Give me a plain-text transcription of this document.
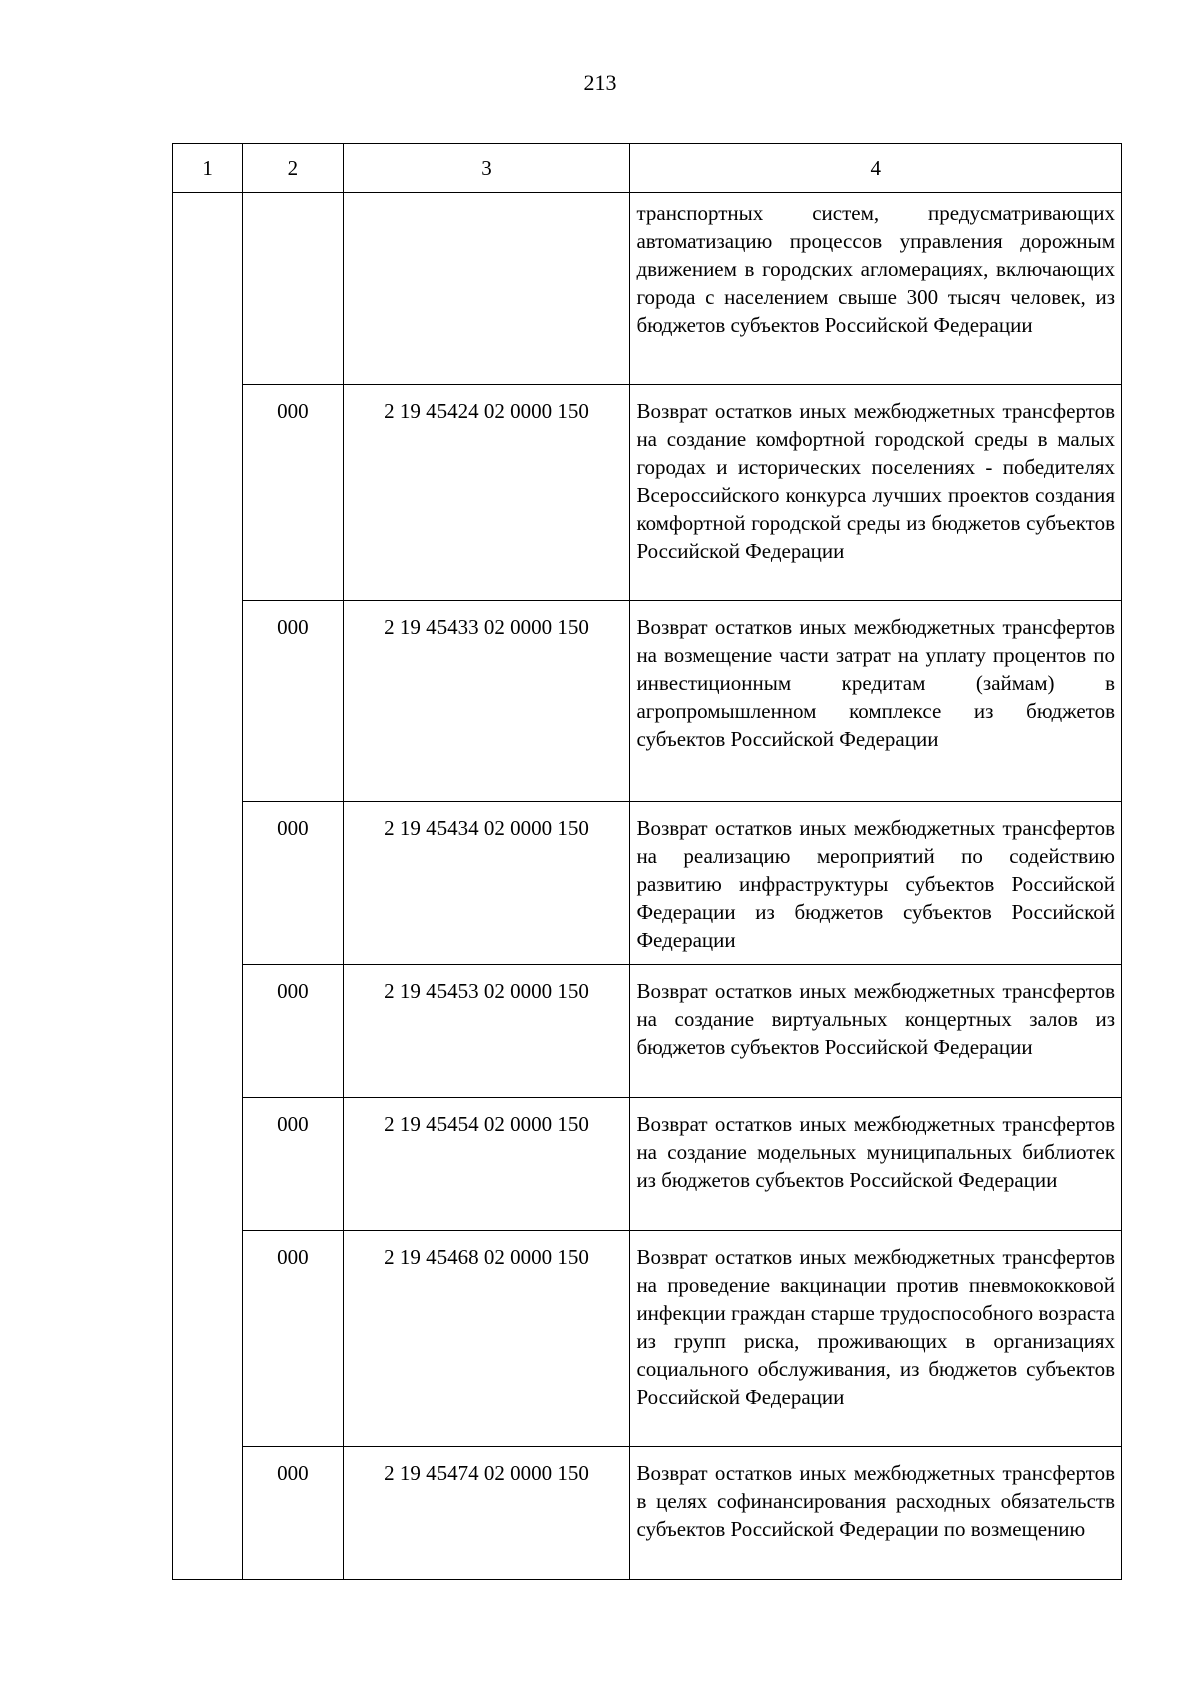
213
1	2	3	4

			транспортных систем, предусматривающих автоматизацию процессов управления дорожным движением в городских агломерациях, включающих города с населением свыше 300 тысяч человек, из бюджетов субъектов Российской Федерации

	000	2 19 45424 02 0000 150	Возврат остатков иных межбюджетных трансфертов на создание комфортной городской среды в малых городах и исторических поселениях - победителях Всероссийского конкурса лучших проектов создания комфортной городской среды из бюджетов субъектов Российской Федерации

	000	2 19 45433 02 0000 150	Возврат остатков иных межбюджетных трансфертов на возмещение части затрат на уплату процентов по инвестиционным кредитам (займам) в агропромышленном комплексе из бюджетов субъектов Российской Федерации

	000	2 19 45434 02 0000 150	Возврат остатков иных межбюджетных трансфертов на реализацию мероприятий по содействию развитию инфраструктуры субъектов Российской Федерации из бюджетов субъектов Российской Федерации

	000	2 19 45453 02 0000 150	Возврат остатков иных межбюджетных трансфертов на создание виртуальных концертных залов из бюджетов субъектов Российской Федерации

	000	2 19 45454 02 0000 150	Возврат остатков иных межбюджетных трансфертов на создание модельных муниципальных библиотек из бюджетов субъектов Российской Федерации

	000	2 19 45468 02 0000 150	Возврат остатков иных межбюджетных трансфертов на проведение вакцинации против пневмококковой инфекции граждан старше трудоспособного возраста из групп риска, проживающих в организациях социального обслуживания, из бюджетов субъектов Российской Федерации

	000	2 19 45474 02 0000 150	Возврат остатков иных межбюджетных трансфертов в целях софинансирования расходных обязательств субъектов Российской Федерации по возмещению
